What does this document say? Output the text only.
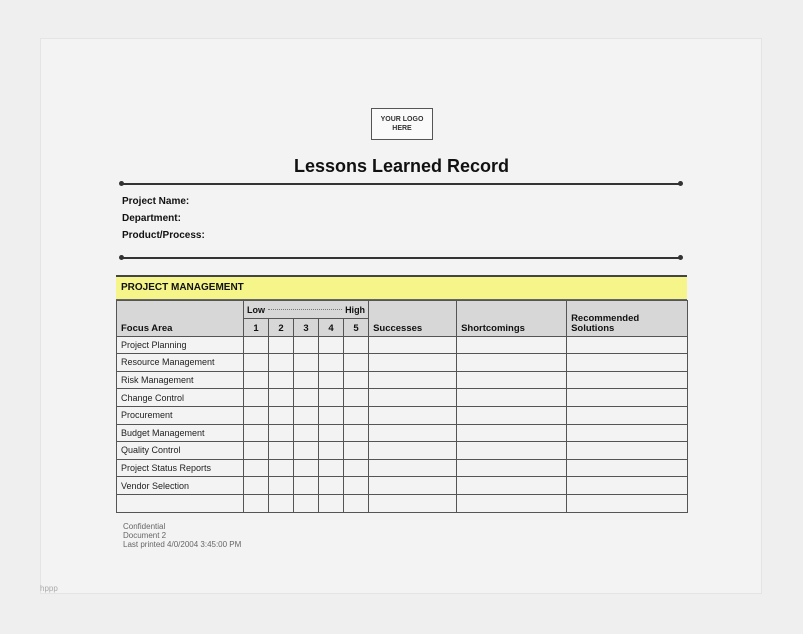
YOUR LOGO
HERE
Lessons Learned Record
Project Name:
Department:
Product/Process:
PROJECT MANAGEMENT
Focus Area	Low High					Successes	Shortcomings	Recommended Solutions
	1	2	3	4	5			
Project Planning								
Resource Management								
Risk Management								
Change Control								
Procurement								
Budget Management								
Quality Control								
Project Status Reports								
Vendor Selection								

Confidential
Document 2
Last printed 4/0/2004 3:45:00 PM
hppp
